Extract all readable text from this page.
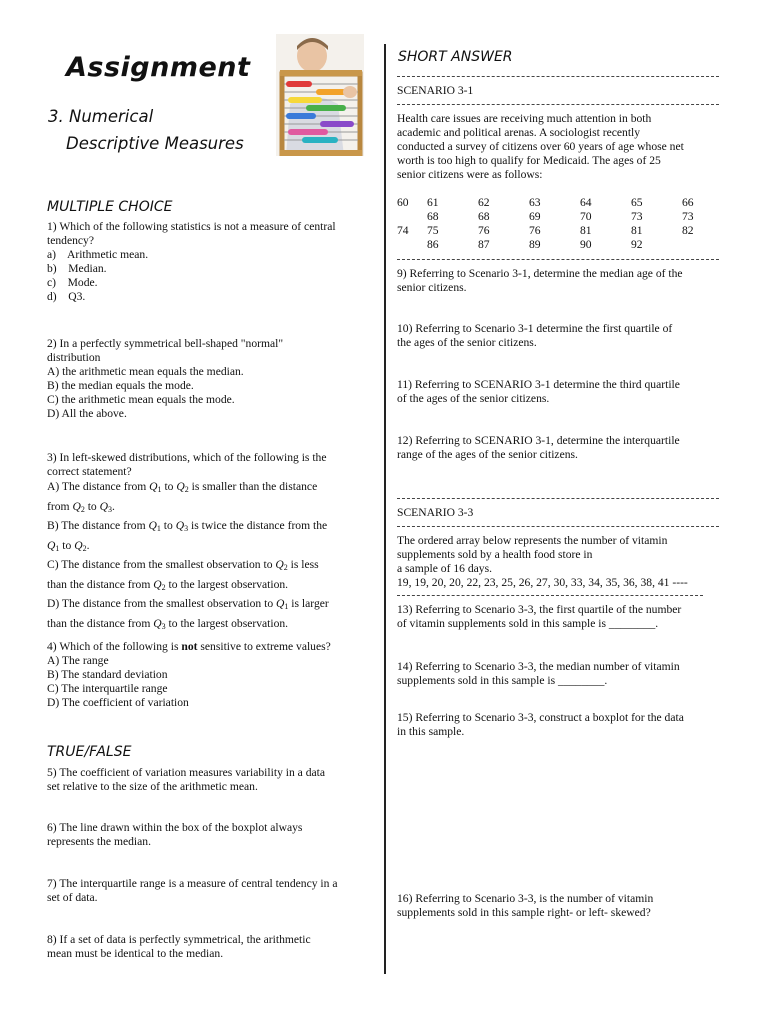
Assignment
3. Numerical
Descriptive Measures
MULTIPLE CHOICE
1) Which of the following statistics is not a measure of central
tendency?
a)    Arithmetic mean.
b)    Median.
c)    Mode.
d)    Q3.
2) In a perfectly symmetrical bell-shaped "normal"
distribution
A) the arithmetic mean equals the median.
B) the median equals the mode.
C) the arithmetic mean equals the mode.
D) All the above.
3) In left-skewed distributions, which of the following is the
correct statement?
A) The distance from $Q_1$ to $Q_2$ is smaller than the distance
from $Q_2$ to $Q_3$.
B) The distance from $Q_1$ to $Q_3$ is twice the distance from the
$Q_1$ to $Q_2$.
C) The distance from the smallest observation to $Q_2$ is less
than the distance from $Q_2$ to the largest observation.
D) The distance from the smallest observation to $Q_1$ is larger
than the distance from $Q_3$ to the largest observation.
4) Which of the following is not sensitive to extreme values?
A) The range
B) The standard deviation
C) The interquartile range
D) The coefficient of variation
TRUE/FALSE
5) The coefficient of variation measures variability in a data
set relative to the size of the arithmetic mean.
6) The line drawn within the box of the boxplot always
represents the median.
7) The interquartile range is a measure of central tendency in a
set of data.
8) If a set of data is perfectly symmetrical, the arithmetic
mean must be identical to the median.
SHORT ANSWER
SCENARIO 3-1
Health care issues are receiving much attention in both
academic and political arenas. A sociologist recently
conducted a survey of citizens over 60 years of age whose net
worth is too high to qualify for Medicaid. The ages of 25
senior citizens were as follows:
60	61	62	63	64	65	66
	68	68	69	70	73	73
74	75	76	76	81	81	82
	86	87	89	90	92	
9) Referring to Scenario 3-1, determine the median age of the
senior citizens.
10) Referring to Scenario 3-1 determine the first quartile of
the ages of the senior citizens.
11) Referring to SCENARIO 3-1 determine the third quartile
of the ages of the senior citizens.
12) Referring to SCENARIO 3-1, determine the interquartile
range of the ages of the senior citizens.
SCENARIO 3-3
The ordered array below represents the number of vitamin
supplements sold by a health food store in
a sample of 16 days.
19, 19, 20, 20, 22, 23, 25, 26, 27, 30, 33, 34, 35, 36, 38, 41 ----
13) Referring to Scenario 3-3, the first quartile of the number
of vitamin supplements sold in this sample is ________.
14) Referring to Scenario 3-3, the median number of vitamin
supplements sold in this sample is ________.
15) Referring to Scenario 3-3, construct a boxplot for the data
in this sample.
16) Referring to Scenario 3-3, is the number of vitamin
supplements sold in this sample right- or left- skewed?
